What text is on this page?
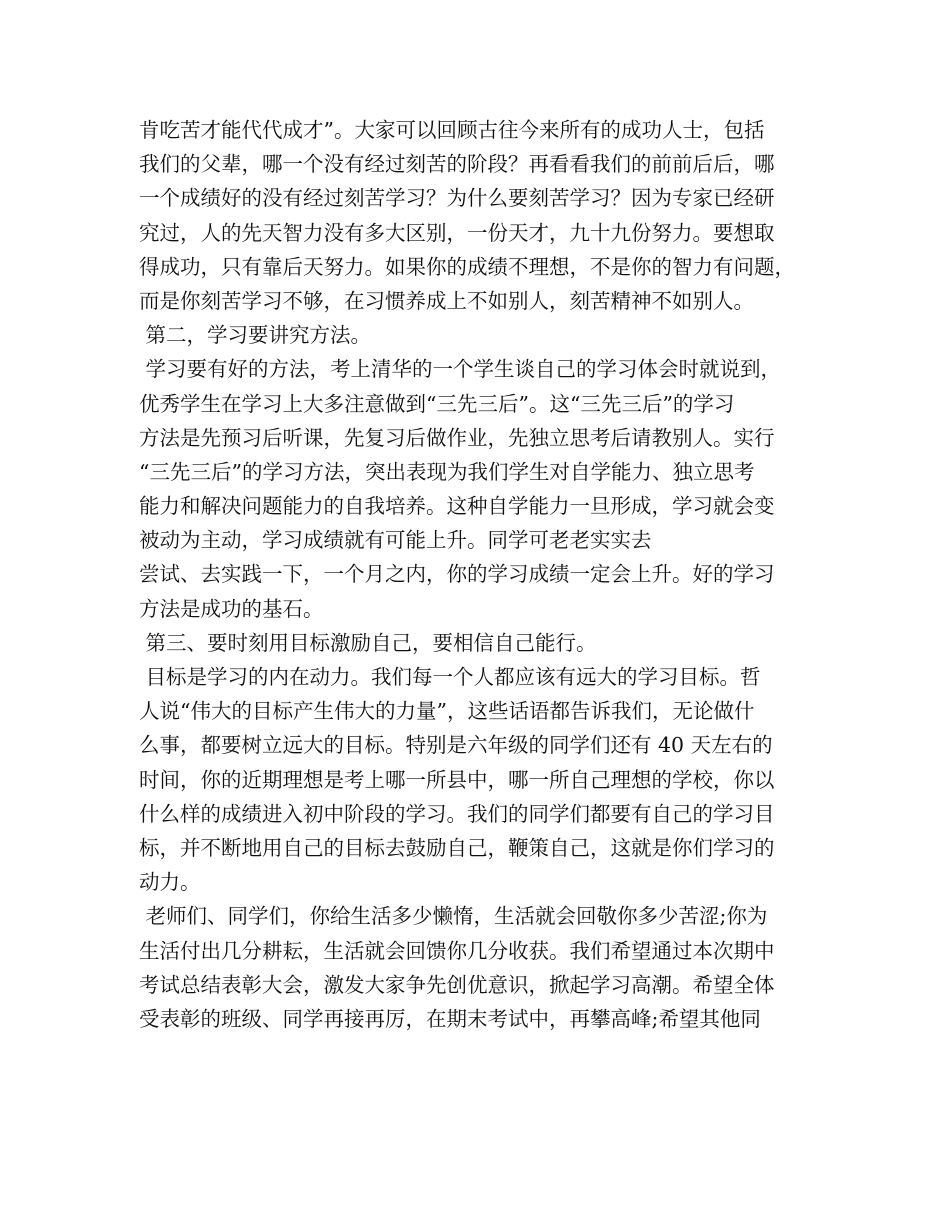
肯吃苦才能代代成才”。大家可以回顾古往今来所有的成功人士，包括
我们的父辈，哪一个没有经过刻苦的阶段？再看看我们的前前后后，哪
一个成绩好的没有经过刻苦学习？为什么要刻苦学习？因为专家已经研
究过，人的先天智力没有多大区别，一份天才，九十九份努力。要想取
得成功，只有靠后天努力。如果你的成绩不理想，不是你的智力有问题，
而是你刻苦学习不够，在习惯养成上不如别人，刻苦精神不如别人。
第二，学习要讲究方法。
学习要有好的方法，考上清华的一个学生谈自己的学习体会时就说到，
优秀学生在学习上大多注意做到“三先三后”。这“三先三后”的学习
方法是先预习后听课，先复习后做作业，先独立思考后请教别人。实行
“三先三后”的学习方法，突出表现为我们学生对自学能力、独立思考
能力和解决问题能力的自我培养。这种自学能力一旦形成，学习就会变
被动为主动，学习成绩就有可能上升。同学可老老实实去
尝试、去实践一下，一个月之内，你的学习成绩一定会上升。好的学习
方法是成功的基石。
第三、要时刻用目标激励自己，要相信自己能行。
目标是学习的内在动力。我们每一个人都应该有远大的学习目标。哲
人说“伟大的目标产生伟大的力量”，这些话语都告诉我们，无论做什
么事，都要树立远大的目标。特别是六年级的同学们还有 40 天左右的
时间，你的近期理想是考上哪一所县中，哪一所自己理想的学校，你以
什么样的成绩进入初中阶段的学习。我们的同学们都要有自己的学习目
标，并不断地用自己的目标去鼓励自己，鞭策自己，这就是你们学习的
动力。
老师们、同学们，你给生活多少懒惰，生活就会回敬你多少苦涩;你为
生活付出几分耕耘，生活就会回馈你几分收获。我们希望通过本次期中
考试总结表彰大会，激发大家争先创优意识，掀起学习高潮。希望全体
受表彰的班级、同学再接再厉，在期末考试中，再攀高峰;希望其他同
